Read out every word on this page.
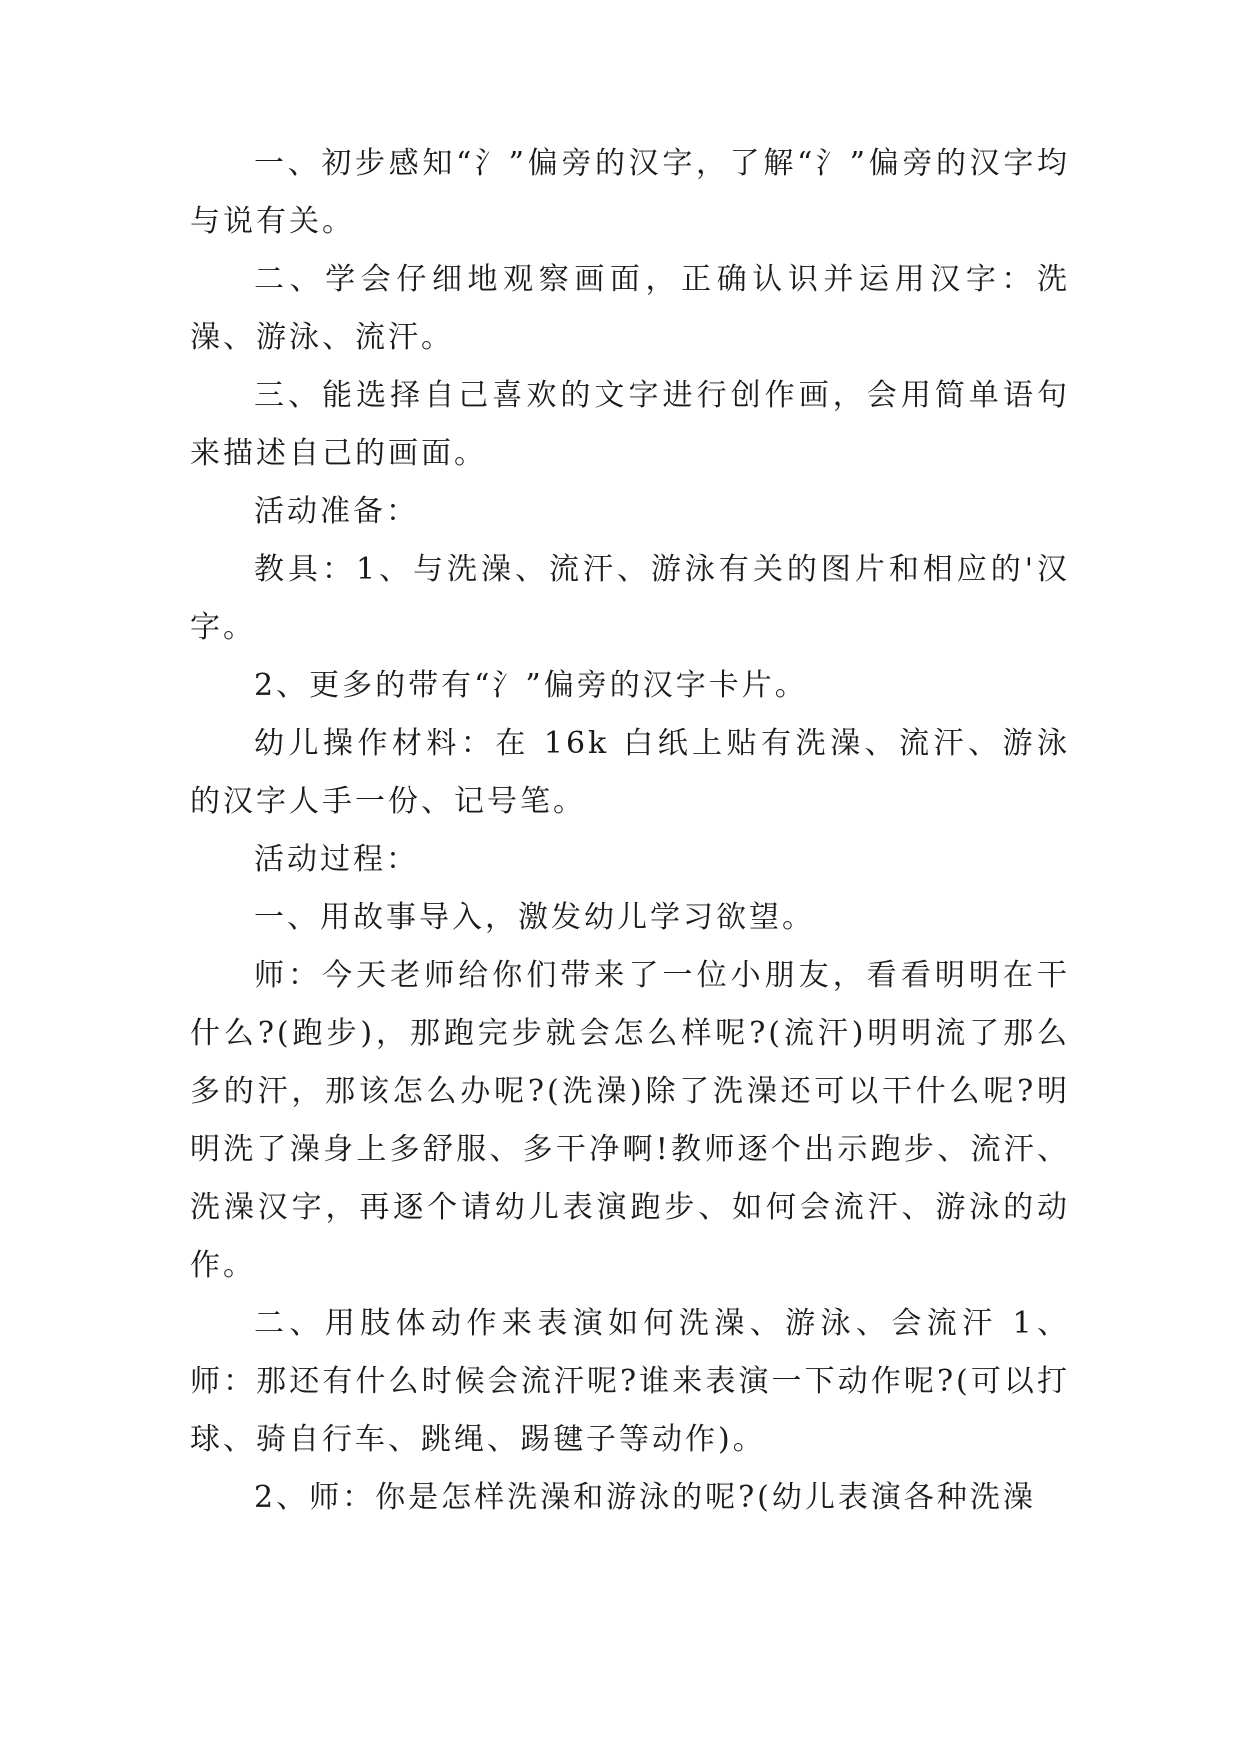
一、初步感知“氵”偏旁的汉字，了解“氵”偏旁的汉字均与说有关。

二、学会仔细地观察画面，正确认识并运用汉字：洗澡、游泳、流汗。

三、能选择自己喜欢的文字进行创作画，会用简单语句来描述自己的画面。

活动准备：

教具：1、与洗澡、流汗、游泳有关的图片和相应的'汉字。

2、更多的带有“氵”偏旁的汉字卡片。

幼儿操作材料：在 16k 白纸上贴有洗澡、流汗、游泳的汉字人手一份、记号笔。

活动过程：

一、用故事导入，激发幼儿学习欲望。

师：今天老师给你们带来了一位小朋友，看看明明在干什么?(跑步)，那跑完步就会怎么样呢?(流汗)明明流了那么多的汗，那该怎么办呢?(洗澡)除了洗澡还可以干什么呢?明明洗了澡身上多舒服、多干净啊!教师逐个出示跑步、流汗、洗澡汉字，再逐个请幼儿表演跑步、如何会流汗、游泳的动作。

二、用肢体动作来表演如何洗澡、游泳、会流汗 1、师：那还有什么时候会流汗呢?谁来表演一下动作呢?(可以打球、骑自行车、跳绳、踢毽子等动作)。

2、师：你是怎样洗澡和游泳的呢?(幼儿表演各种洗澡
